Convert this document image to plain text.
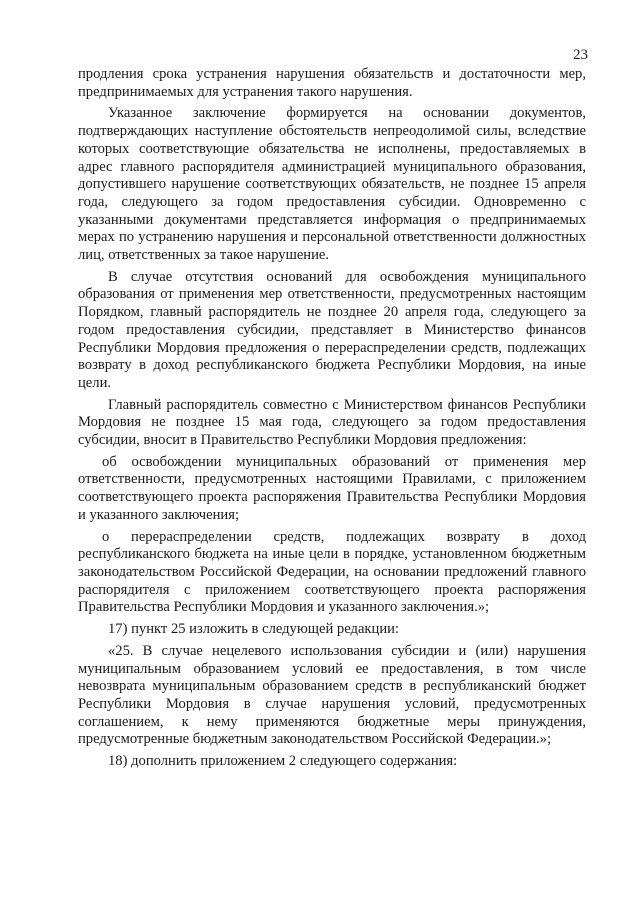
23

продления срока устранения нарушения обязательств и достаточности мер, предпринимаемых для устранения такого нарушения.

Указанное заключение формируется на основании документов, подтверждающих наступление обстоятельств непреодолимой силы, вследствие которых соответствующие обязательства не исполнены, предоставляемых в адрес главного распорядителя администрацией муниципального образования, допустившего нарушение соответствующих обязательств, не позднее 15 апреля года, следующего за годом предоставления субсидии. Одновременно с указанными документами представляется информация о предпринимаемых мерах по устранению нарушения и персональной ответственности должностных лиц, ответственных за такое нарушение.

В случае отсутствия оснований для освобождения муниципального образования от применения мер ответственности, предусмотренных настоящим Порядком, главный распорядитель не позднее 20 апреля года, следующего за годом предоставления субсидии, представляет в Министерство финансов Республики Мордовия предложения о перераспределении средств, подлежащих возврату в доход республиканского бюджета Республики Мордовия, на иные цели.

Главный распорядитель совместно с Министерством финансов Республики Мордовия не позднее 15 мая года, следующего за годом предоставления субсидии, вносит в Правительство Республики Мордовия предложения:

об освобождении муниципальных образований от применения мер ответственности, предусмотренных настоящими Правилами, с приложением соответствующего проекта распоряжения Правительства Республики Мордовия и указанного заключения;

о перераспределении средств, подлежащих возврату в доход республиканского бюджета на иные цели в порядке, установленном бюджетным законодательством Российской Федерации, на основании предложений главного распорядителя с приложением соответствующего проекта распоряжения Правительства Республики Мордовия и указанного заключения.»;

17) пункт 25 изложить в следующей редакции:

«25. В случае нецелевого использования субсидии и (или) нарушения муниципальным образованием условий ее предоставления, в том числе невозврата муниципальным образованием средств в республиканский бюджет Республики Мордовия в случае нарушения условий, предусмотренных соглашением, к нему применяются бюджетные меры принуждения, предусмотренные бюджетным законодательством Российской Федерации.»;

18) дополнить приложением 2 следующего содержания:
